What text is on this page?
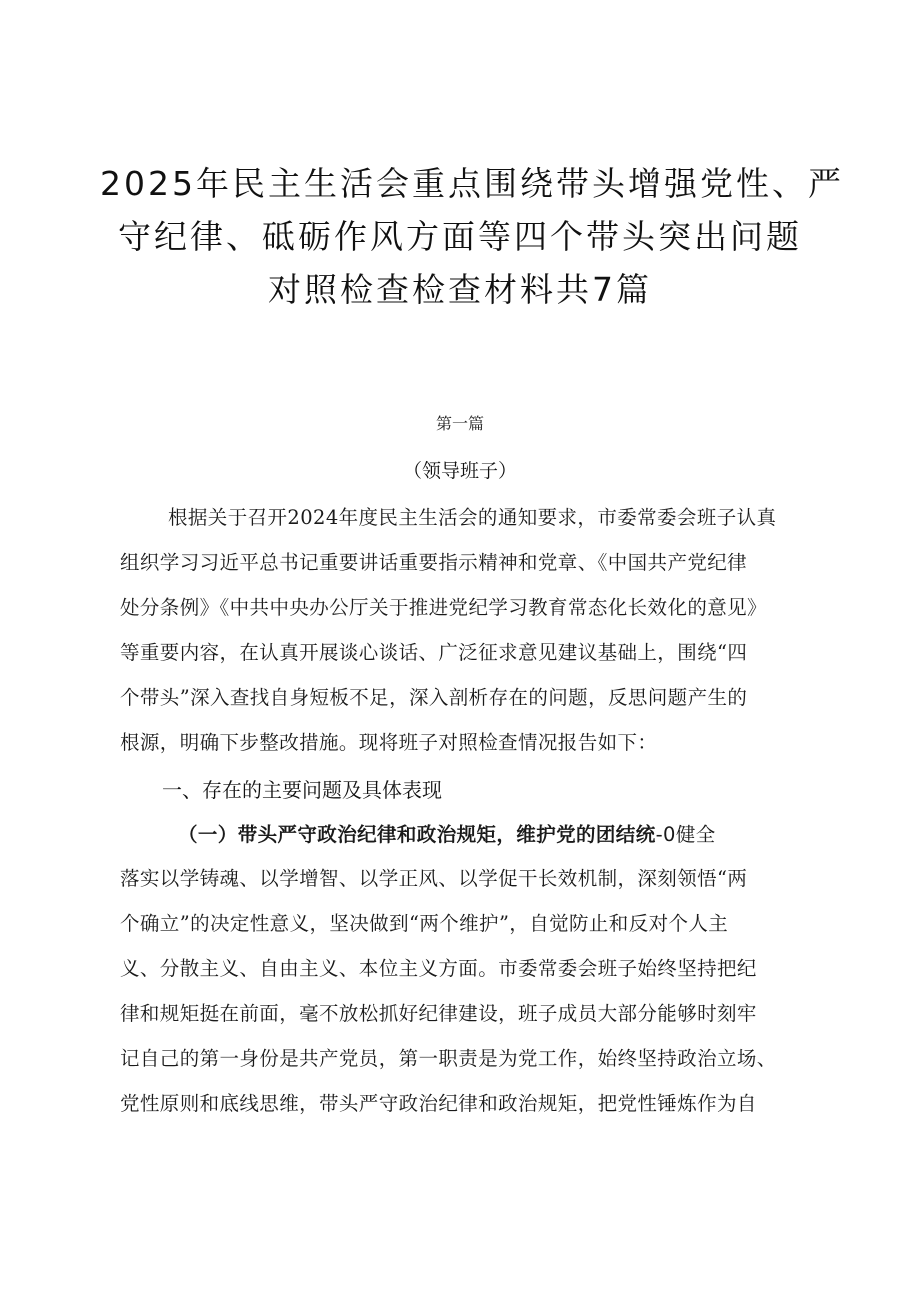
2025年民主生活会重点围绕带头增强党性、严
守纪律、砥砺作风方面等四个带头突出问题
对照检查检查材料共7篇
第一篇
（领导班子）
根据关于召开2024年度民主生活会的通知要求，市委常委会班子认真
组织学习习近平总书记重要讲话重要指示精神和党章、《中国共产党纪律
处分条例》《中共中央办公厅关于推进党纪学习教育常态化长效化的意见》
等重要内容，在认真开展谈心谈话、广泛征求意见建议基础上，围绕“四
个带头”深入查找自身短板不足，深入剖析存在的问题，反思问题产生的
根源，明确下步整改措施。现将班子对照检查情况报告如下：
一、存在的主要问题及具体表现
（一）带头严守政治纪律和政治规矩，维护党的团结统-0健全
落实以学铸魂、以学增智、以学正风、以学促干长效机制，深刻领悟“两
个确立”的决定性意义，坚决做到“两个维护”，自觉防止和反对个人主
义、分散主义、自由主义、本位主义方面。市委常委会班子始终坚持把纪
律和规矩挺在前面，毫不放松抓好纪律建设，班子成员大部分能够时刻牢
记自己的第一身份是共产党员，第一职责是为党工作，始终坚持政治立场、
党性原则和底线思维，带头严守政治纪律和政治规矩，把党性锤炼作为自
